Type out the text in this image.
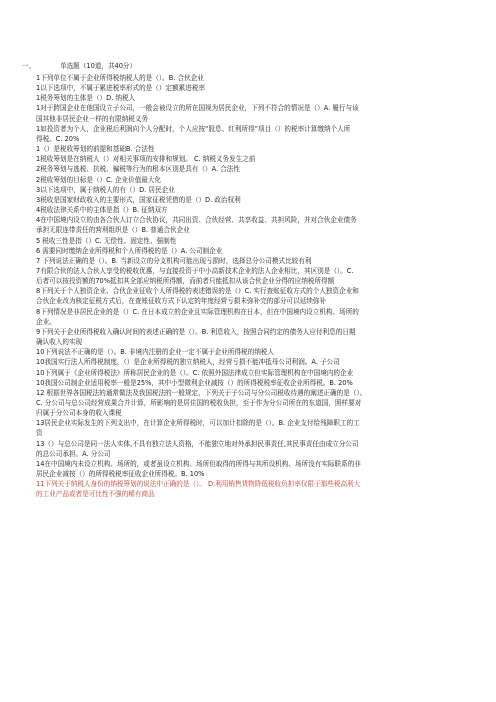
一、	单选题（10道，共40分）
1下列单位不属于企业所得税纳税人的是（）。B. 合伙企业
1以下选项中，不属于累进税率形式的是（）定额累进税率
1税务筹划的主体是（）D. 纳税人
1对于跨国企业在他国设立子公司，一般会被设立的所在国视为居民企业，下列不符合的情况是（）A. 履行与该
国其他非居民企业一样的有限纳税义务
1如投资者为个人，企业税后利润向个人分配时，个人应按“股息、红利所得”项目（）的税率计算缴纳个人所
得税。C. 20%
1（）是税收筹划的前提和基础B. 合法性
1税收筹划是在纳税人（）对相关事项的安排和规划。 C. 纳税义务发生之前
2税务筹划与逃税、抗税、骗税等行为的根本区别是具有（）A. 合法性
2税收筹划的目标是（）C. 企业价值最大化
3以下选项中，属于纳税人的有（）D. 居民企业
3税收是国家财政收入的主要形式，国家征税凭借的是（）D. 政治权利
4税收法律关系中的主体是指（）B. 征纳双方
4在中国境内设立的由各合伙人订立合伙协议，共同出资、合伙经营、共享收益、共担风险，并对合伙企业债务
承担无限连带责任的营利组织是（）B. 普通合伙企业
5 税收三性是指（）C. 无偿性、固定性、强制性
6 需要同时缴纳企业所得税和个人所得税的是（）A. 公司制企业
7 下列说法正确的是（）。B. 当新设立的分支机构可能出现亏损时，选择总分公司模式比较有利
7有限合伙的法人合伙人享受的税收优惠，与直接投资于中小高新技术企业的法人企业相比，其区别是（）。C.
后者可以按投资额的70%抵扣其全部应纳税所得额，而前者只能抵扣从该合伙企业分得的应纳税所得额
8下列关于个人独资企业、合伙企业征收个人所得税的表述错误的是（）C. 实行查账征收方式的个人独资企业和
合伙企业改为核定征税方式后，在查账征收方式下认定的年度经营亏损未弥补完的部分可以延续弥补
8下列情况是非居民企业的是（）C. 在日本成立的企业且实际管理机构在日本，但在中国境内设立机构、场所的
企业。
9下列关于企业所得税收入确认时间的表述正确的是（）。B. 利息收入，按照合同约定的债务人应付利息的日期
确认收入的实现
10下列说法不正确的是（）。B. 非境内注册的企业一定不属于企业所得税的纳税人
10我国实行法人所得税制度，（）是企业所得税的独立纳税人，经营亏损不能冲抵母公司利润。A. 子公司
10下列属于《企业所得税法》所称居民企业的是（）。C. 依照外国法律成立但实际管理机构在中国境内的企业
10我国公司制企业适用税率一般是25%，其中小型微利企业减按（）的所得税税率征收企业所得税。B. 20%
12 根据世界各国税法的通常做法及我国税法的一般规定，下列关于子公司与分公司税收待遇的阐述正确的是（）。
C. 分公司与总公司经营成果合并计算，所影响的是居住国的税收负担，至于作为分公司所在的东道国，照样要对
归属于分公司本身的收入课税
13居民企业实际发生的下列支出中，在计算企业所得税时，可以加计扣除的是（）。B. 企业支付给残障职工的工
资
13（）与总公司是同一法人实体,不具有独立法人资格，不能独立地对外承担民事责任,其民事责任由成立分公司
的总公司承担。A. 分公司
14在中国境内未设立机构、场所的，或者虽设立机构、场所但取得的所得与其所设机构、场所没有实际联系的非
居民企业减按（）的所得税税率征收企业所得税。B. 10%
11下列关于纳税人身份的纳税筹划的说法中正确的是（）。 D.利用销售货物降低税收负担率仅限于那些税高利大
的工业产品或者是可比性不强的稀有商品
